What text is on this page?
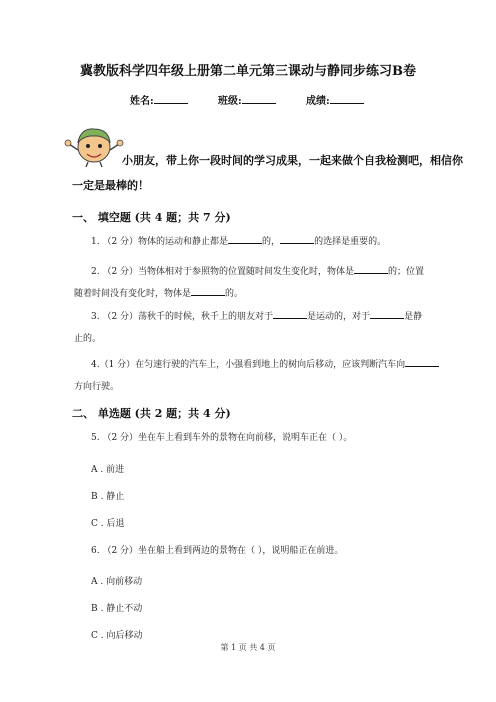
冀教版科学四年级上册第二单元第三课动与静同步练习B卷
姓名:	班级:	成绩:
小朋友，带上你一段时间的学习成果，一起来做个自我检测吧，相信你
一定是最棒的！
一、 填空题 (共 4 题；共 7 分)
1. （2 分）物体的运动和静止都是	的，	的选择是重要的。
2. （2 分）当物体相对于参照物的位置随时间发生变化时，物体是	的；位置
随着时间没有变化时，物体是	的。
3. （2 分）荡秋千的时候，秋千上的朋友对于	是运动的，对于	是静
止的。
4.（1 分）在匀速行驶的汽车上，小强看到地上的树向后移动，应该判断汽车向
方向行驶。
二、 单选题 (共 2 题；共 4 分)
5. （2 分）坐在车上看到车外的景物在向前移，说明车正在（ ）。
A . 前进
B . 静止
C . 后退
6. （2 分）坐在船上看到两边的景物在（ ），说明船正在前进。
A . 向前移动
B . 静止不动
C . 向后移动
第 1 页 共 4 页
